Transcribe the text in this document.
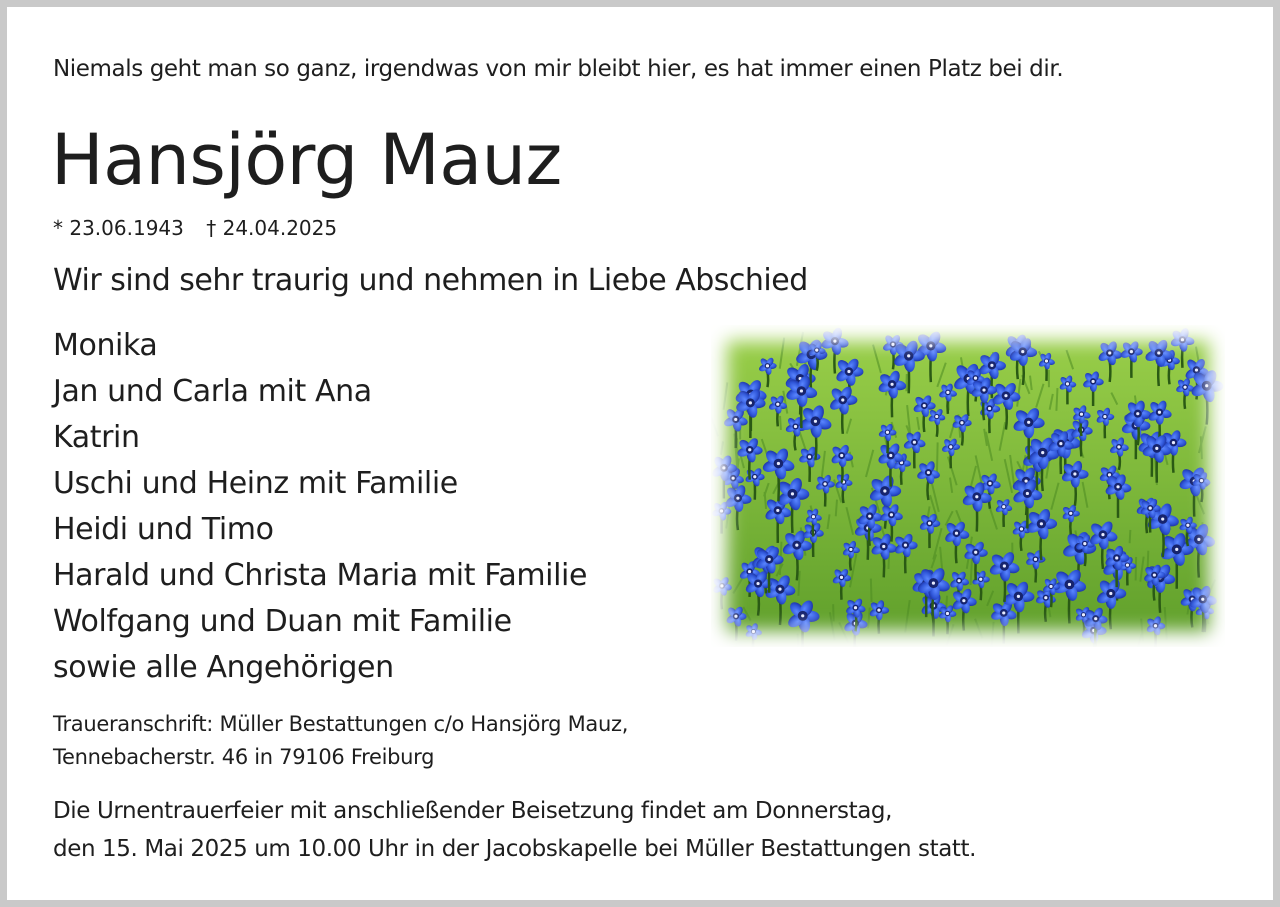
Niemals geht man so ganz, irgendwas von mir bleibt hier, es hat immer einen Platz bei dir.
Hansjörg Mauz
* 23.06.1943 † 24.04.2025
Wir sind sehr traurig und nehmen in Liebe Abschied
Monika
Jan und Carla mit Ana
Katrin
Uschi und Heinz mit Familie
Heidi und Timo
Harald und Christa Maria mit Familie
Wolfgang und Duan mit Familie
sowie alle Angehörigen
Traueranschrift: Müller Bestattungen c/o Hansjörg Mauz,
Tennebacherstr. 46 in 79106 Freiburg
Die Urnentrauerfeier mit anschließender Beisetzung findet am Donnerstag,
den 15. Mai 2025 um 10.00 Uhr in der Jacobskapelle bei Müller Bestattungen statt.
